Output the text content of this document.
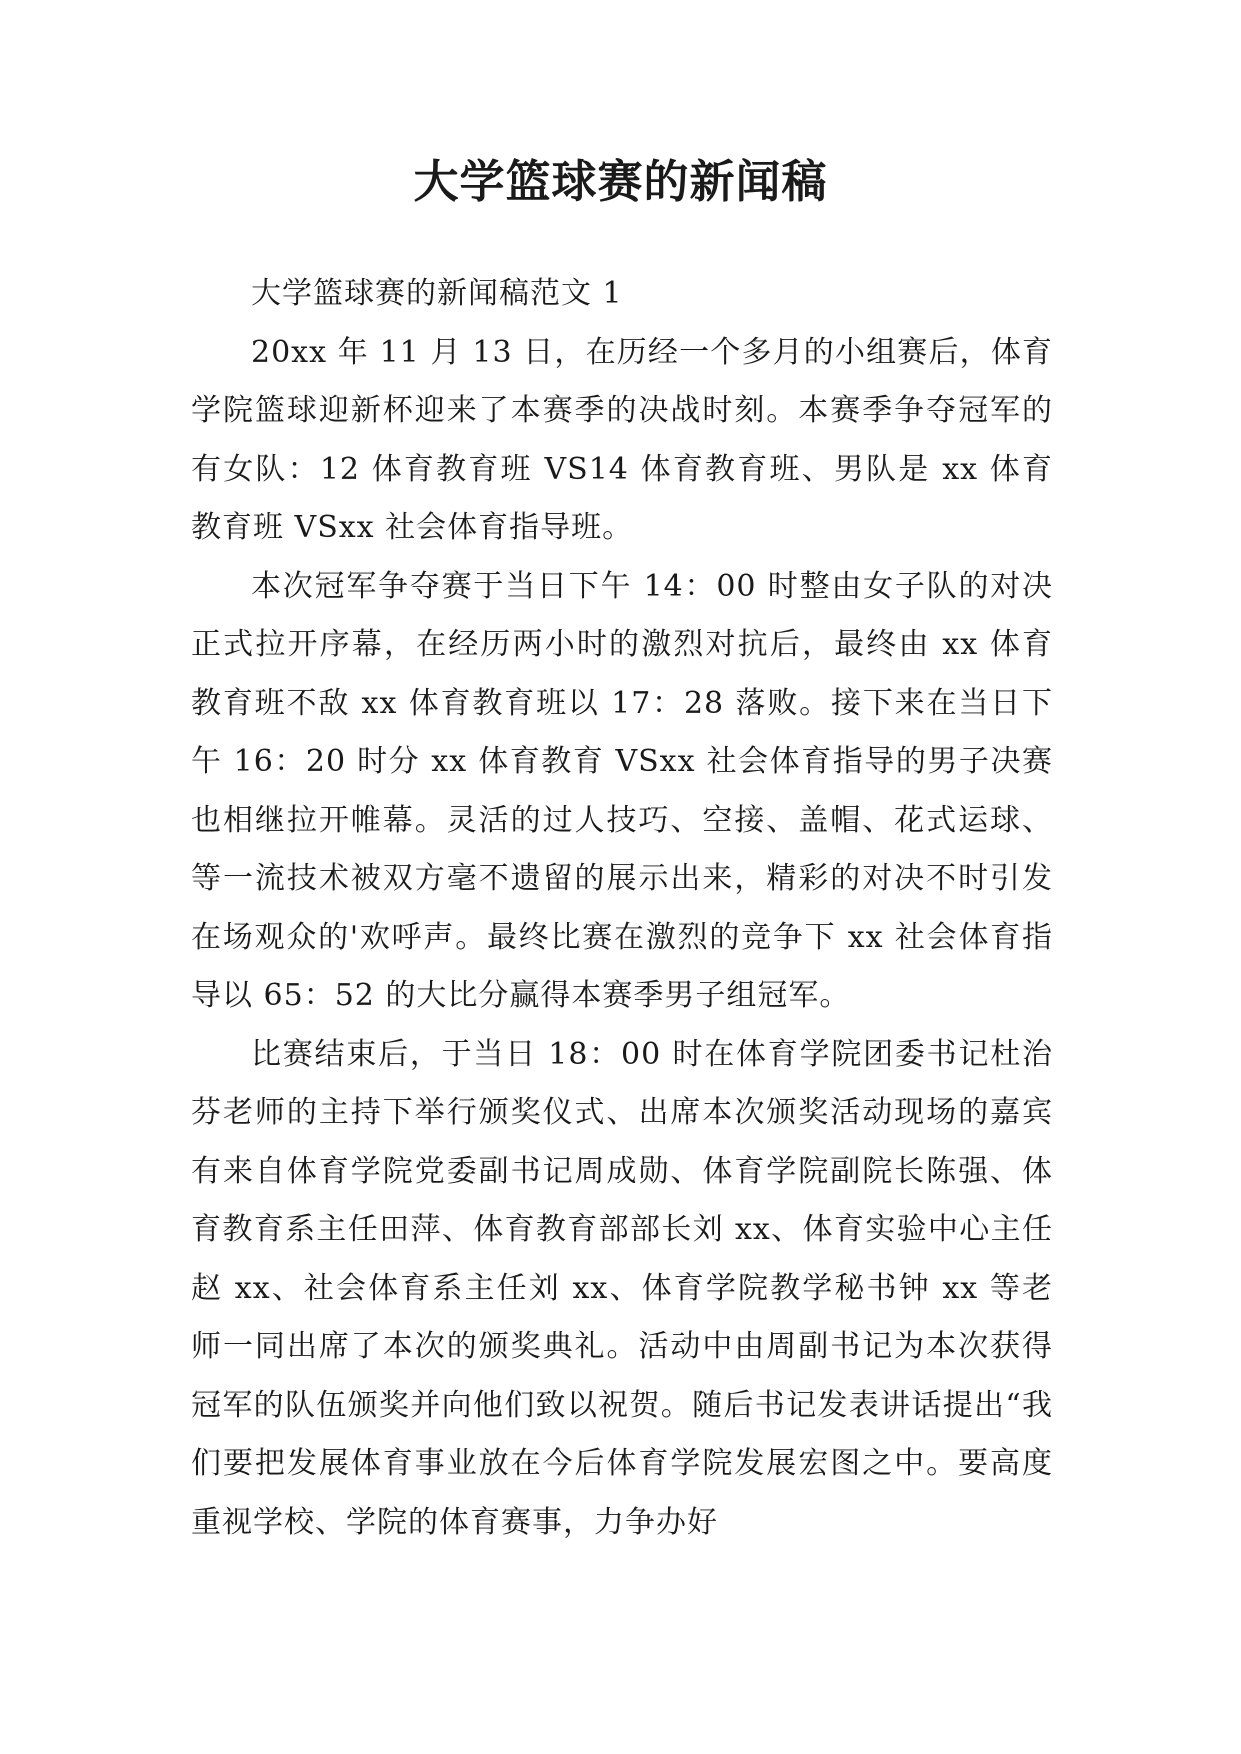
大学篮球赛的新闻稿

大学篮球赛的新闻稿范文 1

20xx 年 11 月 13 日，在历经一个多月的小组赛后，体育学院篮球迎新杯迎来了本赛季的决战时刻。本赛季争夺冠军的有女队：12 体育教育班 VS14 体育教育班、男队是 xx 体育教育班 VSxx 社会体育指导班。

本次冠军争夺赛于当日下午 14：00 时整由女子队的对决正式拉开序幕，在经历两小时的激烈对抗后，最终由 xx 体育教育班不敌 xx 体育教育班以 17：28 落败。接下来在当日下午 16：20 时分 xx 体育教育 VSxx 社会体育指导的男子决赛也相继拉开帷幕。灵活的过人技巧、空接、盖帽、花式运球、等一流技术被双方毫不遗留的展示出来，精彩的对决不时引发在场观众的'欢呼声。最终比赛在激烈的竞争下 xx 社会体育指导以 65：52 的大比分赢得本赛季男子组冠军。

比赛结束后，于当日 18：00 时在体育学院团委书记杜治芬老师的主持下举行颁奖仪式、出席本次颁奖活动现场的嘉宾有来自体育学院党委副书记周成勋、体育学院副院长陈强、体育教育系主任田萍、体育教育部部长刘 xx、体育实验中心主任赵 xx、社会体育系主任刘 xx、体育学院教学秘书钟 xx 等老师一同出席了本次的颁奖典礼。活动中由周副书记为本次获得冠军的队伍颁奖并向他们致以祝贺。随后书记发表讲话提出“我们要把发展体育事业放在今后体育学院发展宏图之中。要高度重视学校、学院的体育赛事，力争办好
